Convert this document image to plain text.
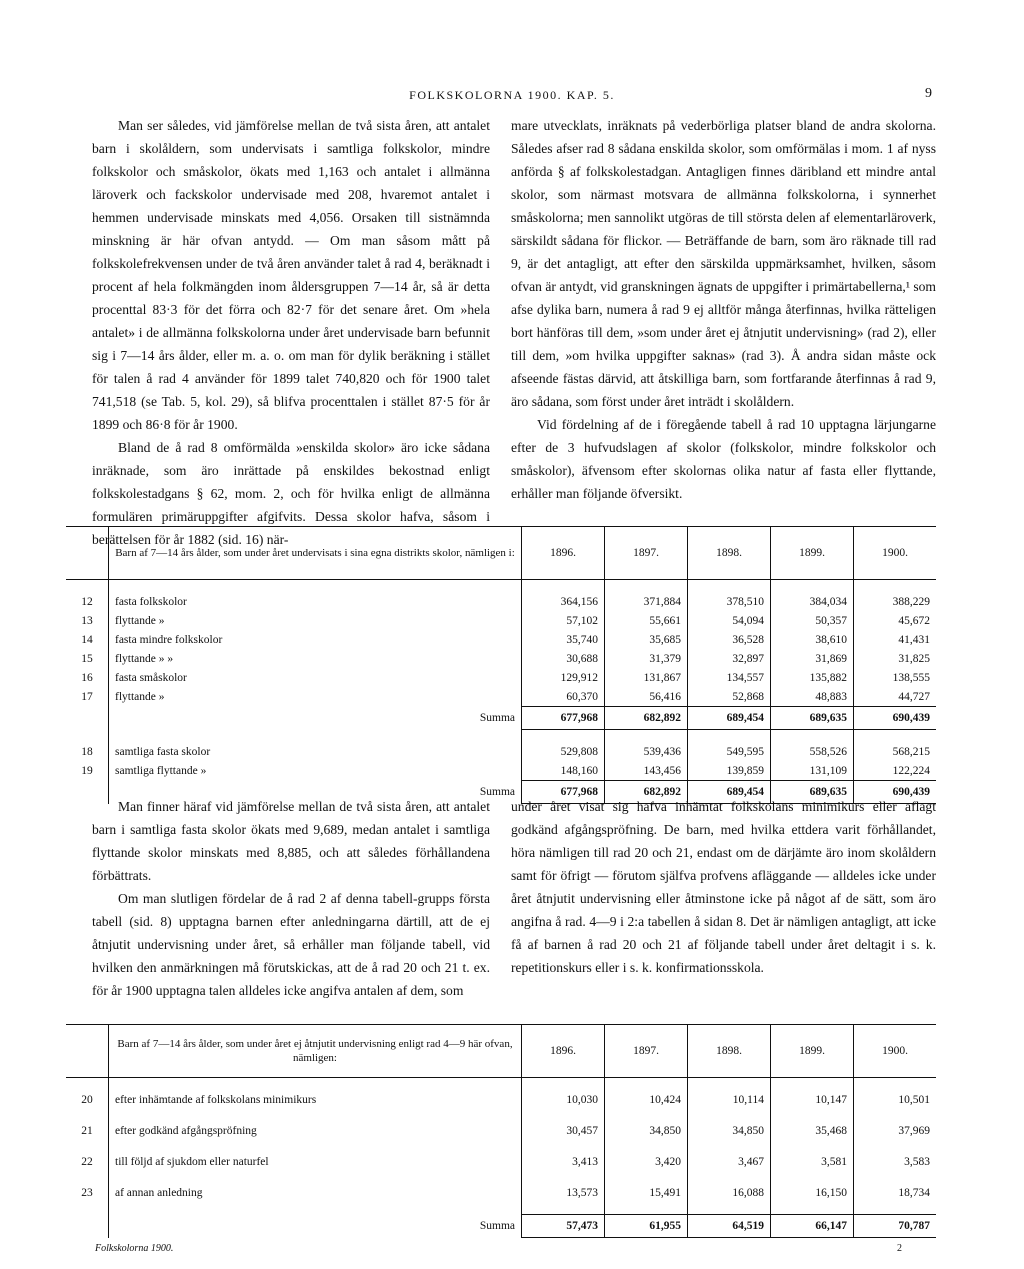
FOLKSKOLORNA 1900. KAP. 5.	9

Man ser således, vid jämförelse mellan de två sista åren, att antalet barn i skolåldern, som undervisats i samtliga folkskolor, mindre folkskolor och småskolor, ökats med 1,163 och antalet i allmänna läroverk och fackskolor undervisade med 208, hvaremot antalet i hemmen undervisade minskats med 4,056. Orsaken till sistnämnda minskning är här ofvan antydd. — Om man såsom mått på folkskolefrekvensen under de två åren använder talet å rad 4, beräknadt i procent af hela folkmängden inom åldersgruppen 7—14 år, så är detta procenttal 83·3 för det förra och 82·7 för det senare året. Om »hela antalet» i de allmänna folkskolorna under året undervisade barn befunnit sig i 7—14 års ålder, eller m. a. o. om man för dylik beräkning i stället för talen å rad 4 använder för 1899 talet 740,820 och för 1900 talet 741,518 (se Tab. 5, kol. 29), så blifva procenttalen i stället 87·5 för år 1899 och 86·8 för år 1900.

Bland de å rad 8 omförmälda »enskilda skolor» äro icke sådana inräknade, som äro inrättade på enskildes bekostnad enligt folkskolestadgans § 62, mom. 2, och för hvilka enligt de allmänna formulären primäruppgifter afgifvits. Dessa skolor hafva, såsom i berättelsen för år 1882 (sid. 16) när-

mare utvecklats, inräknats på vederbörliga platser bland de andra skolorna. Således afser rad 8 sådana enskilda skolor, som omförmälas i mom. 1 af nyss anförda § af folkskolestadgan. Antagligen finnes däribland ett mindre antal skolor, som närmast motsvara de allmänna folkskolorna, i synnerhet småskolorna; men sannolikt utgöras de till största delen af elementarläroverk, särskildt sådana för flickor. — Beträffande de barn, som äro räknade till rad 9, är det antagligt, att efter den särskilda uppmärksamhet, hvilken, såsom ofvan är antydt, vid granskningen ägnats de uppgifter i primärtabellerna,¹ som afse dylika barn, numera å rad 9 ej alltför många återfinnas, hvilka rätteligen bort hänföras till dem, »som under året ej åtnjutit undervisning» (rad 2), eller till dem, »om hvilka uppgifter saknas» (rad 3). Å andra sidan måste ock afseende fästas därvid, att åtskilliga barn, som fortfarande återfinnas å rad 9, äro sådana, som först under året inträdt i skolåldern.

Vid fördelning af de i föregående tabell å rad 10 upptagna lärjungarne efter de 3 hufvudslagen af skolor (folkskolor, mindre folkskolor och småskolor), äfvensom efter skolornas olika natur af fasta eller flyttande, erhåller man följande öfversikt.

	Barn af 7—14 års ålder, som under året undervisats i sina egna distrikts skolor, nämligen i:	1896.	1897.	1898.	1899.	1900.

12	fasta folkskolor	364,156	371,884	378,510	384,034	388,229
13	flyttande »	57,102	55,661	54,094	50,357	45,672
14	fasta mindre folkskolor	35,740	35,685	36,528	38,610	41,431
15	flyttande » »	30,688	31,379	32,897	31,869	31,825
16	fasta småskolor	129,912	131,867	134,557	135,882	138,555
17	flyttande »	60,370	56,416	52,868	48,883	44,727
	Summa	677,968	682,892	689,454	689,635	690,439

18	samtliga fasta skolor	529,808	539,436	549,595	558,526	568,215
19	samtliga flyttande »	148,160	143,456	139,859	131,109	122,224
	Summa	677,968	682,892	689,454	689,635	690,439

Man finner häraf vid jämförelse mellan de två sista åren, att antalet barn i samtliga fasta skolor ökats med 9,689, medan antalet i samtliga flyttande skolor minskats med 8,885, och att således förhållandena förbättrats.

Om man slutligen fördelar de å rad 2 af denna tabell-grupps första tabell (sid. 8) upptagna barnen efter anledningarna därtill, att de ej åtnjutit undervisning under året, så erhåller man följande tabell, vid hvilken den anmärkningen må förutskickas, att de å rad 20 och 21 t. ex. för år 1900 upptagna talen alldeles icke angifva antalen af dem, som

under året visat sig hafva inhämtat folkskolans minimikurs eller aflagt godkänd afgångspröfning. De barn, med hvilka ettdera varit förhållandet, höra nämligen till rad 20 och 21, endast om de därjämte äro inom skolåldern samt för öfrigt — förutom själfva profvens afläggande — alldeles icke under året åtnjutit undervisning eller åtminstone icke på något af de sätt, som äro angifna å rad. 4—9 i 2:a tabellen å sidan 8. Det är nämligen antagligt, att icke få af barnen å rad 20 och 21 af följande tabell under året deltagit i s. k. repetitionskurs eller i s. k. konfirmationsskola.

	Barn af 7—14 års ålder, som under året ej åtnjutit undervisning enligt rad 4—9 här ofvan, nämligen:	1896.	1897.	1898.	1899.	1900.

20	efter inhämtande af folkskolans minimikurs	10,030	10,424	10,114	10,147	10,501

21	efter godkänd afgångspröfning	30,457	34,850	34,850	35,468	37,969

22	till följd af sjukdom eller naturfel	3,413	3,420	3,467	3,581	3,583

23	af annan anledning	13,573	15,491	16,088	16,150	18,734

	Summa	57,473	61,955	64,519	66,147	70,787
Folkskolorna 1900.	2
